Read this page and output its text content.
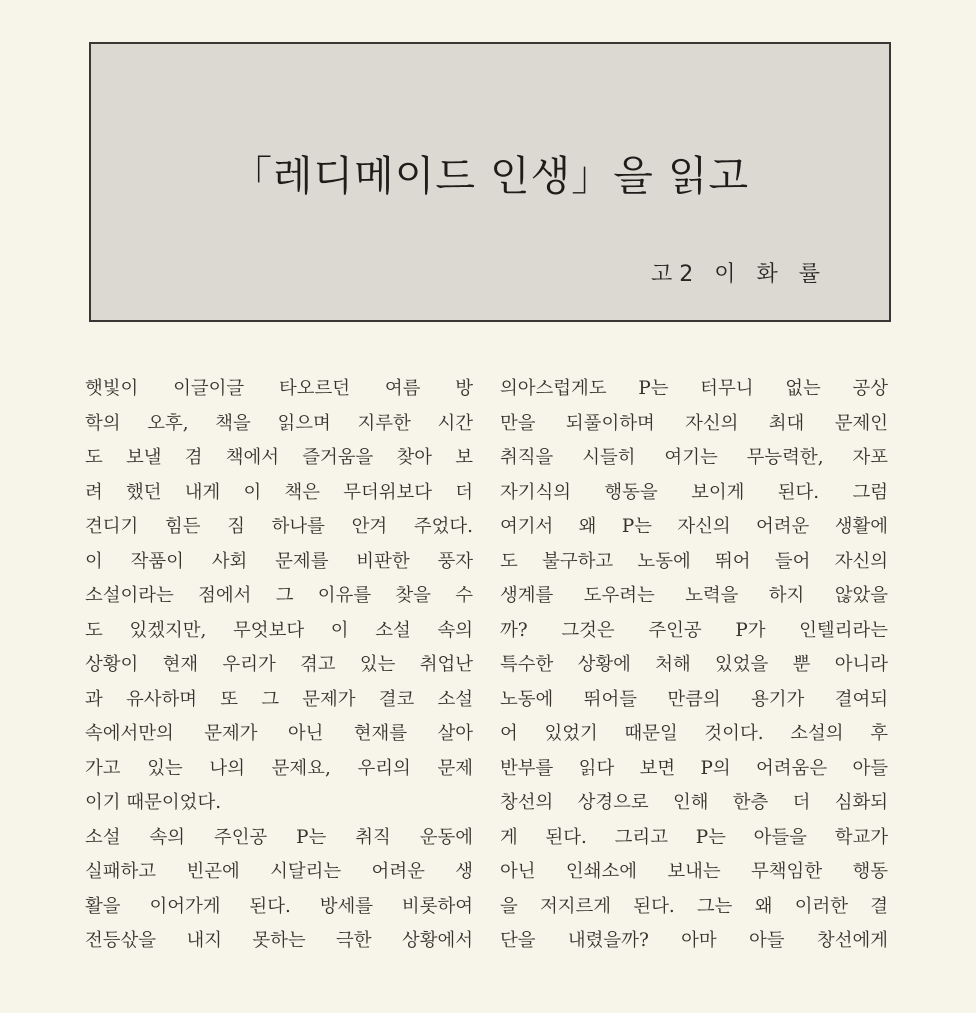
「레디메이드 인생」을 읽고
고2 이 화 률
햇빛이 이글이글 타오르던 여름 방
학의 오후, 책을 읽으며 지루한 시간
도 보낼 겸 책에서 즐거움을 찾아 보
려 했던 내게 이 책은 무더위보다 더
견디기 힘든 짐 하나를 안겨 주었다.
이 작품이 사회 문제를 비판한 풍자
소설이라는 점에서 그 이유를 찾을 수
도 있겠지만, 무엇보다 이 소설 속의
상황이 현재 우리가 겪고 있는 취업난
과 유사하며 또 그 문제가 결코 소설
속에서만의 문제가 아닌 현재를 살아
가고 있는 나의 문제요, 우리의 문제
이기 때문이었다.
소설 속의 주인공 P는 취직 운동에
실패하고 빈곤에 시달리는 어려운 생
활을 이어가게 된다. 방세를 비롯하여
전등삯을 내지 못하는 극한 상황에서
의아스럽게도 P는 터무니 없는 공상
만을 되풀이하며 자신의 최대 문제인
취직을 시들히 여기는 무능력한, 자포
자기식의 행동을 보이게 된다. 그럼
여기서 왜 P는 자신의 어려운 생활에
도 불구하고 노동에 뛰어 들어 자신의
생계를 도우려는 노력을 하지 않았을
까? 그것은 주인공 P가 인텔리라는
특수한 상황에 처해 있었을 뿐 아니라
노동에 뛰어들 만큼의 용기가 결여되
어 있었기 때문일 것이다. 소설의 후
반부를 읽다 보면 P의 어려움은 아들
창선의 상경으로 인해 한층 더 심화되
게 된다. 그리고 P는 아들을 학교가
아닌 인쇄소에 보내는 무책임한 행동
을 저지르게 된다. 그는 왜 이러한 결
단을 내렸을까? 아마 아들 창선에게
